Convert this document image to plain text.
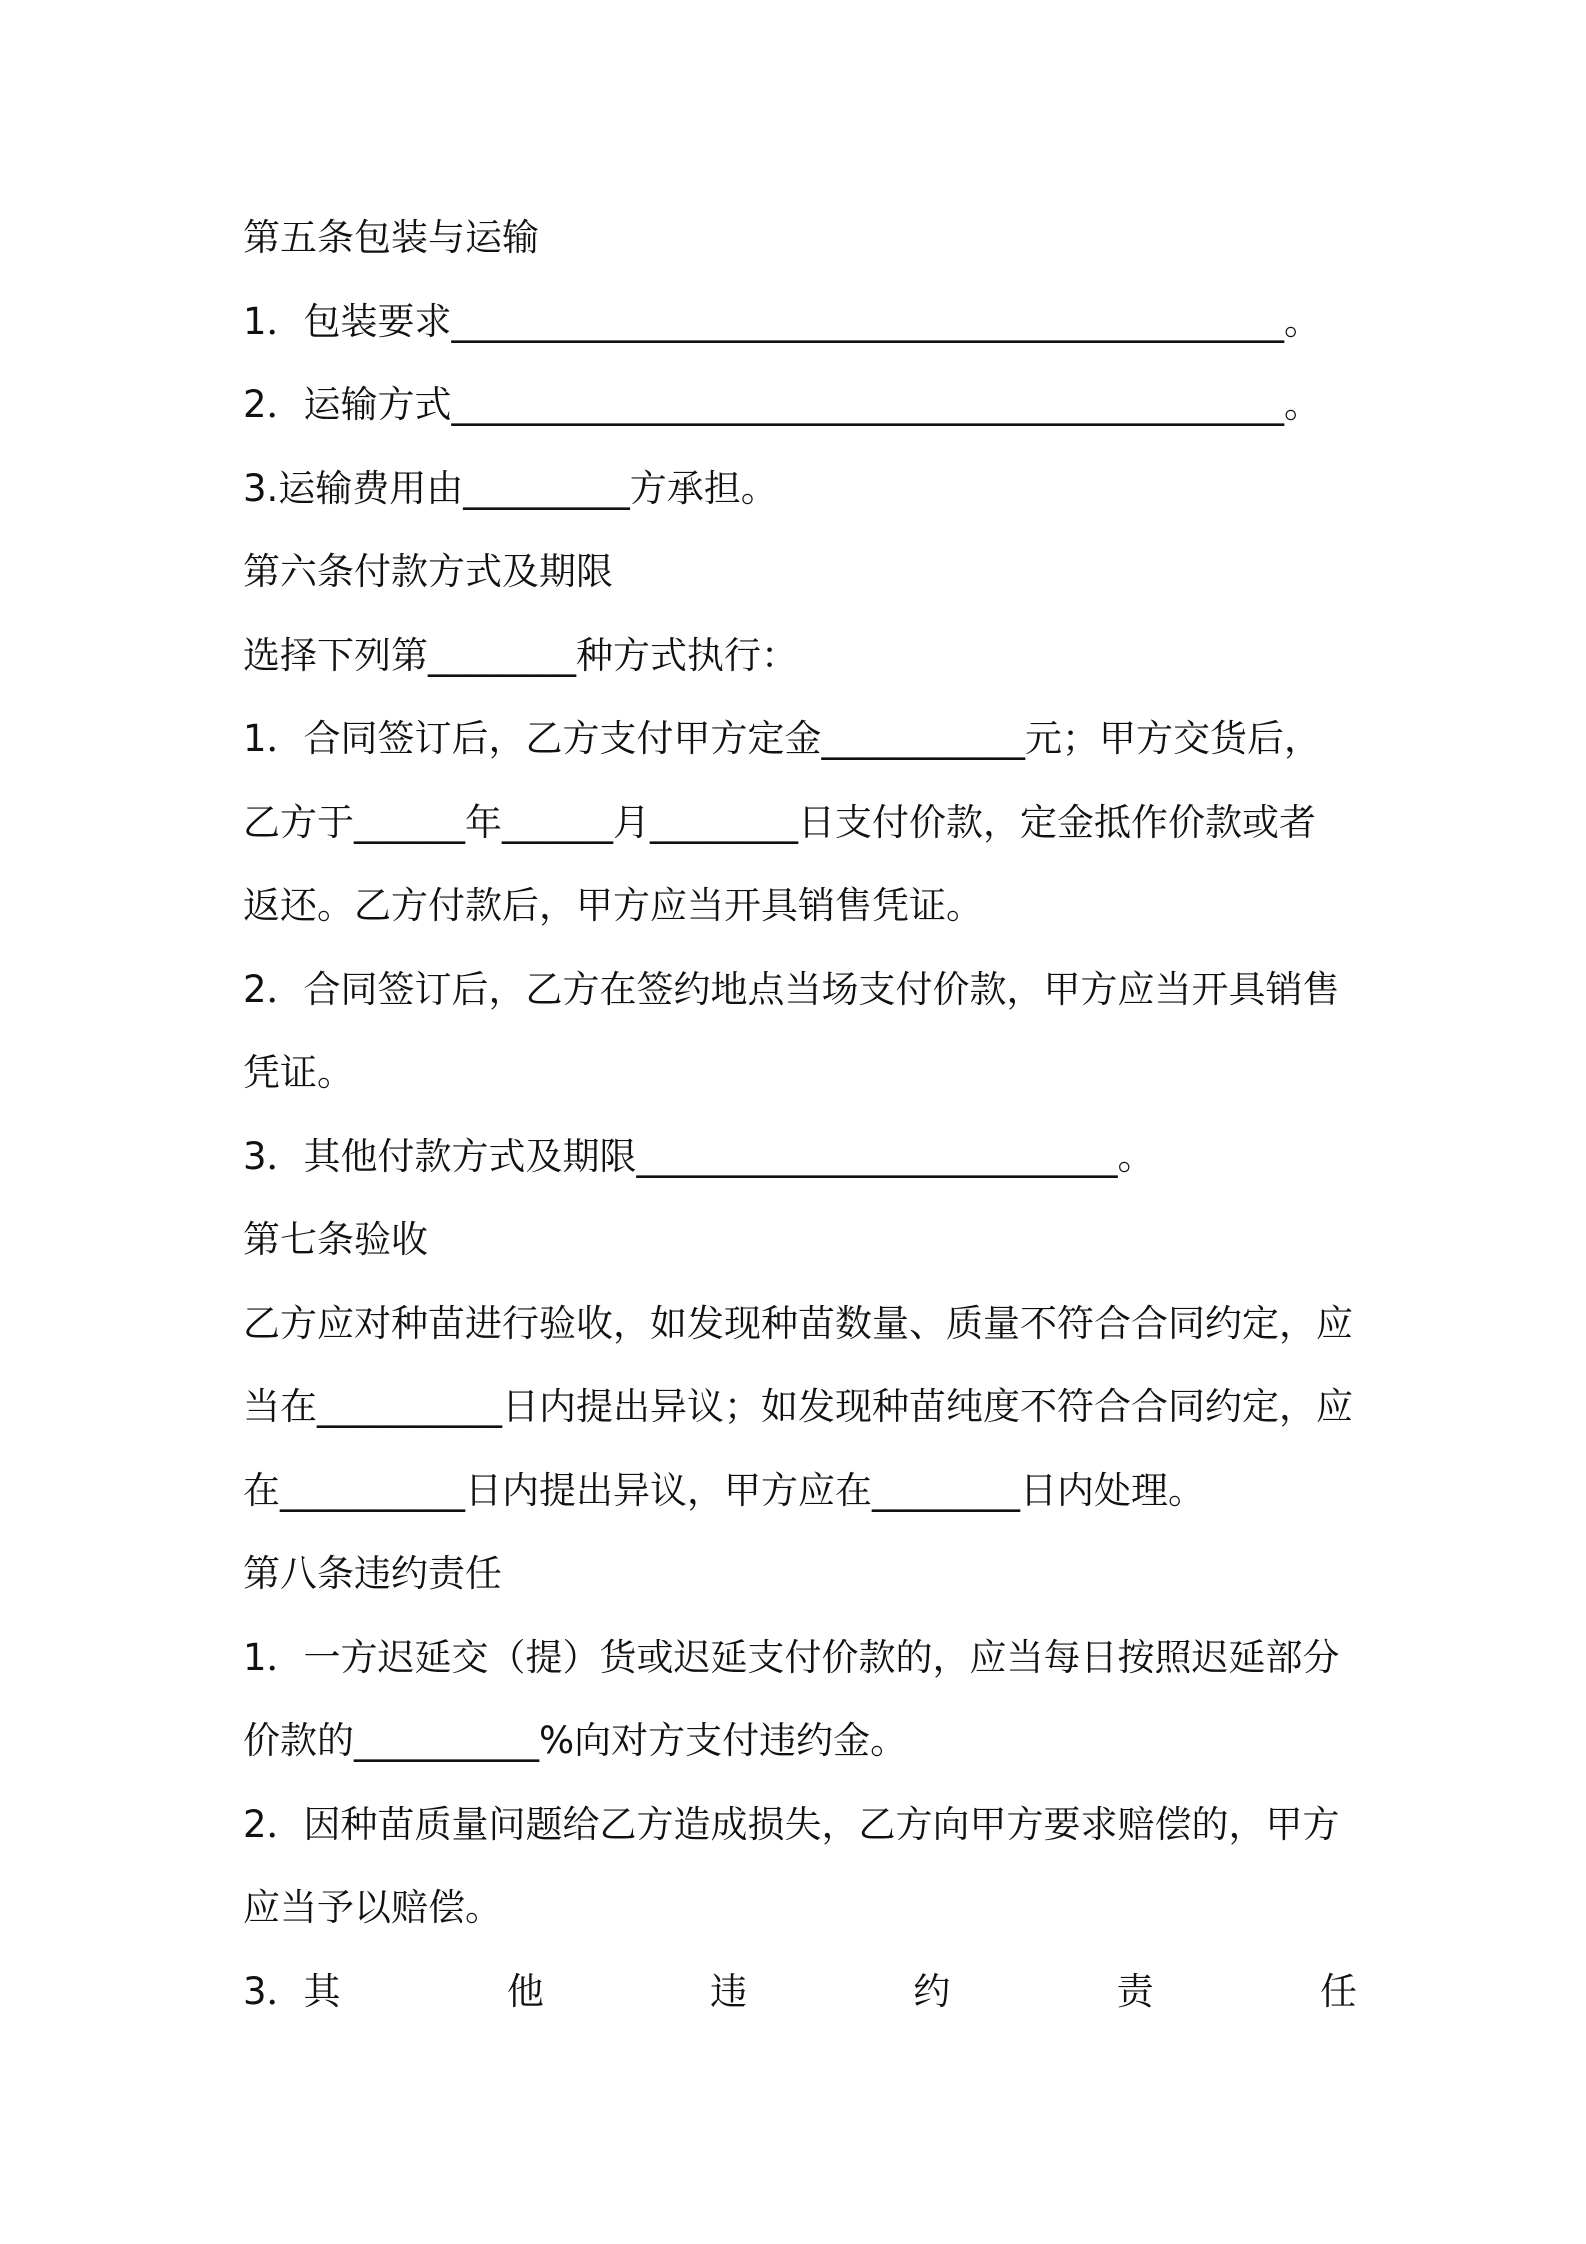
第五条包装与运输
1．包装要求_____________________________________________。
2．运输方式_____________________________________________。
3.运输费用由_________方承担。
第六条付款方式及期限
选择下列第________种方式执行：
1．合同签订后，乙方支付甲方定金___________元；甲方交货后，
乙方于______年______月________日支付价款，定金抵作价款或者
返还。乙方付款后，甲方应当开具销售凭证。
2．合同签订后，乙方在签约地点当场支付价款，甲方应当开具销售
凭证。
3．其他付款方式及期限__________________________。
第七条验收
乙方应对种苗进行验收，如发现种苗数量、质量不符合合同约定，应
当在__________日内提出异议；如发现种苗纯度不符合合同约定，应
在__________日内提出异议，甲方应在________日内处理。
第八条违约责任
1．一方迟延交（提）货或迟延支付价款的，应当每日按照迟延部分
价款的__________%向对方支付违约金。
2．因种苗质量问题给乙方造成损失，乙方向甲方要求赔偿的，甲方
应当予以赔偿。
3．其	他	违	约	责	任
